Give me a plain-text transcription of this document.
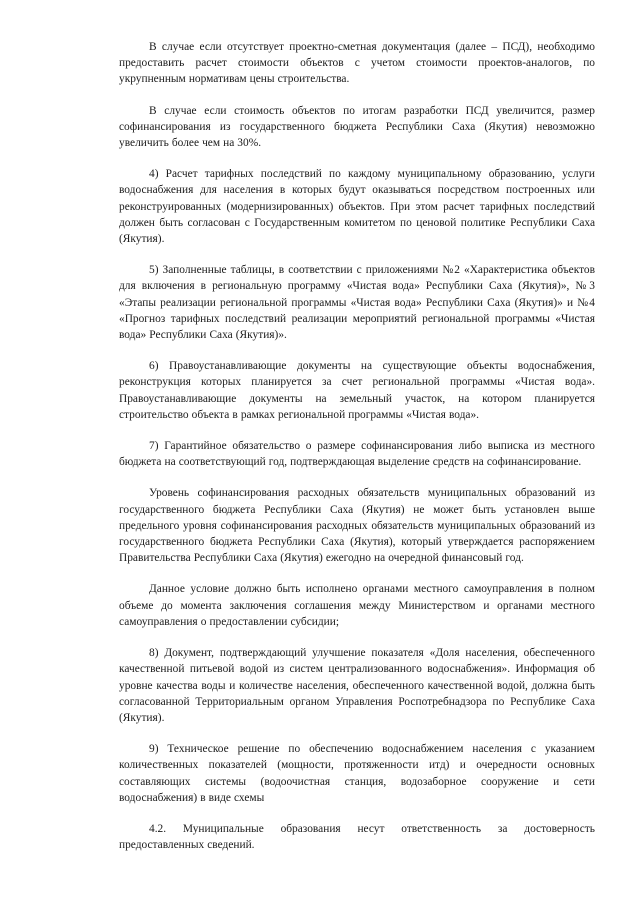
В случае если отсутствует проектно-сметная документация (далее – ПСД), необходимо предоставить расчет стоимости объектов с учетом стоимости проектов-аналогов, по укрупненным нормативам цены строительства.

В случае если стоимость объектов по итогам разработки ПСД увеличится, размер софинансирования из государственного бюджета Республики Саха (Якутия) невозможно увеличить более чем на 30%.

4) Расчет тарифных последствий по каждому муниципальному образованию, услуги водоснабжения для населения в которых будут оказываться посредством построенных или реконструированных (модернизированных) объектов. При этом расчет тарифных последствий должен быть согласован с Государственным комитетом по ценовой политике Республики Саха (Якутия).

5) Заполненные таблицы, в соответствии с приложениями №2 «Характеристика объектов для включения в региональную программу «Чистая вода» Республики Саха (Якутия)», №3 «Этапы реализации региональной программы «Чистая вода» Республики Саха (Якутия)» и №4 «Прогноз тарифных последствий реализации мероприятий региональной программы «Чистая вода» Республики Саха (Якутия)».

6) Правоустанавливающие документы на существующие объекты водоснабжения, реконструкция которых планируется за счет региональной программы «Чистая вода». Правоустанавливающие документы на земельный участок, на котором планируется строительство объекта в рамках региональной программы «Чистая вода».

7) Гарантийное обязательство о размере софинансирования либо выписка из местного бюджета на соответствующий год, подтверждающая выделение средств на софинансирование.

Уровень софинансирования расходных обязательств муниципальных образований из государственного бюджета Республики Саха (Якутия) не может быть установлен выше предельного уровня софинансирования расходных обязательств муниципальных образований из государственного бюджета Республики Саха (Якутия), который утверждается распоряжением Правительства Республики Саха (Якутия) ежегодно на очередной финансовый год.

Данное условие должно быть исполнено органами местного самоуправления в полном объеме до момента заключения соглашения между Министерством и органами местного самоуправления о предоставлении субсидии;

8) Документ, подтверждающий улучшение показателя «Доля населения, обеспеченного качественной питьевой водой из систем централизованного водоснабжения». Информация об уровне качества воды и количестве населения, обеспеченного качественной водой, должна быть согласованной Территориальным органом Управления Роспотребнадзора по Республике Саха (Якутия).

9) Техническое решение по обеспечению водоснабжением населения с указанием количественных показателей (мощности, протяженности итд) и очередности основных составляющих системы (водоочистная станция, водозаборное сооружение и сети водоснабжения) в виде схемы

4.2. Муниципальные образования несут ответственность за достоверность предоставленных сведений.
